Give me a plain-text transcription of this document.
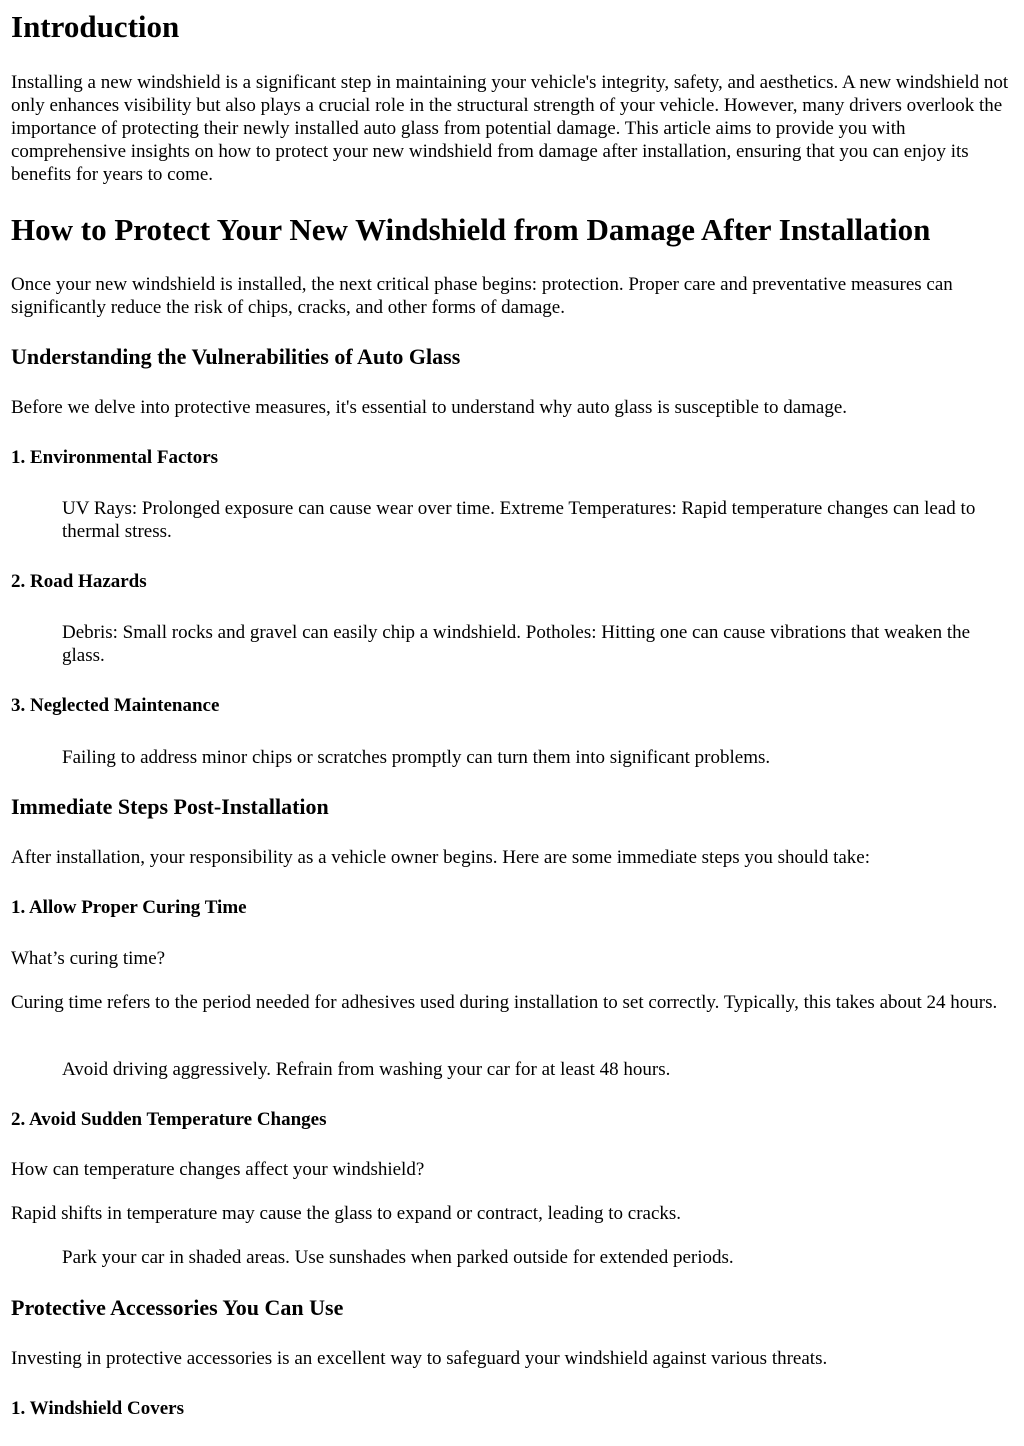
Introduction

Installing a new windshield is a significant step in maintaining your vehicle's integrity, safety, and aesthetics. A new windshield not only enhances visibility but also plays a crucial role in the structural strength of your vehicle. However, many drivers overlook the importance of protecting their newly installed auto glass from potential damage. This article aims to provide you with comprehensive insights on how to protect your new windshield from damage after installation, ensuring that you can enjoy its benefits for years to come.

How to Protect Your New Windshield from Damage After Installation

Once your new windshield is installed, the next critical phase begins: protection. Proper care and preventative measures can significantly reduce the risk of chips, cracks, and other forms of damage.

Understanding the Vulnerabilities of Auto Glass

Before we delve into protective measures, it's essential to understand why auto glass is susceptible to damage.

1. Environmental Factors

UV Rays: Prolonged exposure can cause wear over time. Extreme Temperatures: Rapid temperature changes can lead to thermal stress.

2. Road Hazards

Debris: Small rocks and gravel can easily chip a windshield. Potholes: Hitting one can cause vibrations that weaken the glass.

3. Neglected Maintenance

Failing to address minor chips or scratches promptly can turn them into significant problems.

Immediate Steps Post-Installation

After installation, your responsibility as a vehicle owner begins. Here are some immediate steps you should take:

1. Allow Proper Curing Time

What’s curing time?

Curing time refers to the period needed for adhesives used during installation to set correctly. Typically, this takes about 24 hours.

Avoid driving aggressively. Refrain from washing your car for at least 48 hours.

2. Avoid Sudden Temperature Changes

How can temperature changes affect your windshield?

Rapid shifts in temperature may cause the glass to expand or contract, leading to cracks.

Park your car in shaded areas. Use sunshades when parked outside for extended periods.

Protective Accessories You Can Use

Investing in protective accessories is an excellent way to safeguard your windshield against various threats.

1. Windshield Covers
